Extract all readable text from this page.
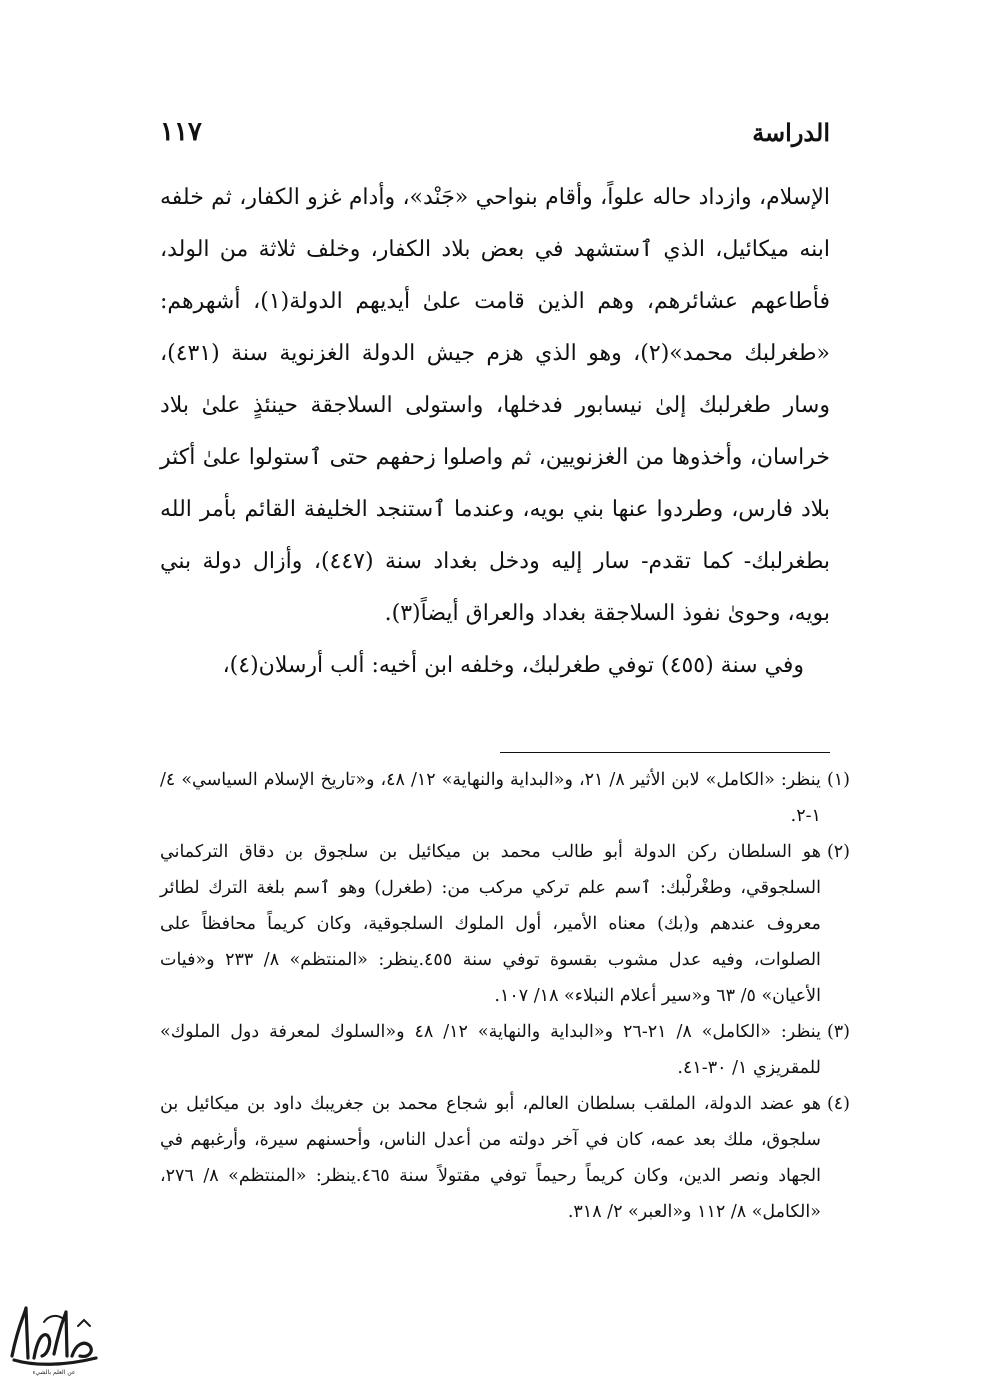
الدراسة
١١٧

الإسلام، وازداد حاله علواً، وأقام بنواحي «جَنْد»، وأدام غزو الكفار، ثم خلفه ابنه ميكائيل، الذي ٱستشهد في بعض بلاد الكفار، وخلف ثلاثة من الولد، فأطاعهم عشائرهم، وهم الذين قامت علىٰ أيديهم الدولة(١)، أشهرهم: «طغرلبك محمد»(٢)، وهو الذي هزم جيش الدولة الغزنوية سنة (٤٣١)، وسار طغرلبك إلىٰ نيسابور فدخلها، واستولى السلاجقة حينئذٍ علىٰ بلاد خراسان، وأخذوها من الغزنويين، ثم واصلوا زحفهم حتى ٱستولوا علىٰ أكثر بلاد فارس، وطردوا عنها بني بويه، وعندما ٱستنجد الخليفة القائم بأمر الله بطغرلبك- كما تقدم- سار إليه ودخل بغداد سنة (٤٤٧)، وأزال دولة بني بويه، وحوىٰ نفوذ السلاجقة بغداد والعراق أيضاً(٣).

وفي سنة (٤٥٥) توفي طغرلبك، وخلفه ابن أخيه: ألب أرسلان(٤)،

(١)
ينظر: «الكامل» لابن الأثير ٨/ ٢١، و«البداية والنهاية» ١٢/ ٤٨، و«تاريخ الإسلام السياسي» ٤/ ١-٢.
(٢)
هو السلطان ركن الدولة أبو طالب محمد بن ميكائيل بن سلجوق بن دقاق التركماني السلجوقي، وطغْرلْبك: ٱسم علم تركي مركب من: (طغرل) وهو ٱسم بلغة الترك لطائر معروف عندهم و(بك) معناه الأمير، أول الملوك السلجوقية، وكان كريماً محافظاً على الصلوات، وفيه عدل مشوب بقسوة توفي سنة ٤٥٥.ينظر: «المنتظم» ٨/ ٢٣٣ و«فيات الأعيان» ٥/ ٦٣ و«سير أعلام النبلاء» ١٨/ ١٠٧.
(٣)
ينظر: «الكامل» ٨/ ٢١-٢٦ و«البداية والنهاية» ١٢/ ٤٨ و«السلوك لمعرفة دول الملوك» للمقريزي ١/ ٣٠-٤١.
(٤)
هو عضد الدولة، الملقب بسلطان العالم، أبو شجاع محمد بن جغريبك داود بن ميكائيل بن سلجوق، ملك بعد عمه، كان في آخر دولته من أعدل الناس، وأحسنهم سيرة، وأرغبهم في الجهاد ونصر الدين، وكان كريماً رحيماً توفي مقتولاً سنة ٤٦٥.ينظر: «المنتظم» ٨/ ٢٧٦، «الكامل» ٨/ ١١٢ و«العبر» ٢/ ٣١٨.
عن العلم بالشيء
